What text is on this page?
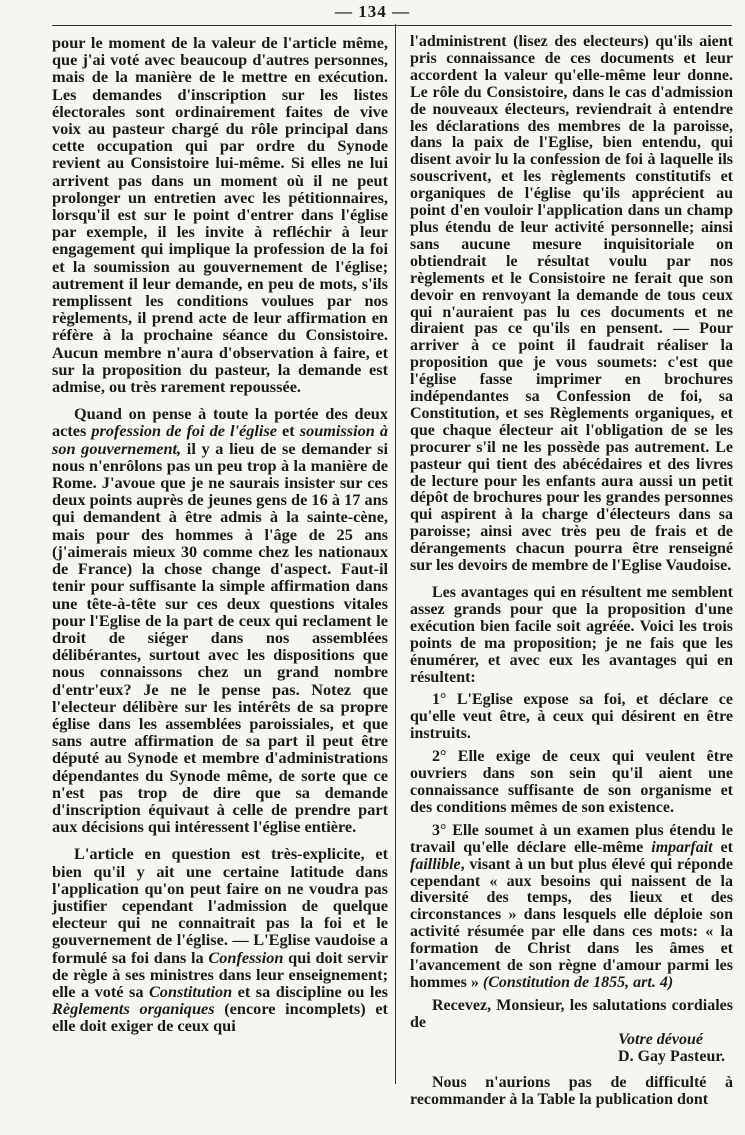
— 134 —

pour le moment de la valeur de l'article même, que j'ai voté avec beaucoup d'autres personnes, mais de la manière de le mettre en exécution. Les demandes d'inscription sur les listes électorales sont ordinairement faites de vive voix au pasteur chargé du rôle principal dans cette occupation qui par ordre du Synode revient au Consistoire lui-même. Si elles ne lui arrivent pas dans un moment où il ne peut prolonger un entretien avec les pétitionnaires, lorsqu'il est sur le point d'entrer dans l'église par exemple, il les invite à refléchir à leur engagement qui implique la profession de la foi et la soumission au gouvernement de l'église; autrement il leur demande, en peu de mots, s'ils remplissent les conditions voulues par nos règlements, il prend acte de leur affirmation en réfère à la prochaine séance du Consistoire. Aucun membre n'aura d'observation à faire, et sur la proposition du pasteur, la demande est admise, ou très rarement repoussée.

Quand on pense à toute la portée des deux actes profession de foi de l'église et soumission à son gouvernement, il y a lieu de se demander si nous n'enrôlons pas un peu trop à la manière de Rome. J'avoue que je ne saurais insister sur ces deux points auprès de jeunes gens de 16 à 17 ans qui demandent à être admis à la sainte-cène, mais pour des hommes à l'âge de 25 ans (j'aimerais mieux 30 comme chez les nationaux de France) la chose change d'aspect. Faut-il tenir pour suffisante la simple affirmation dans une tête-à-tête sur ces deux questions vitales pour l'Eglise de la part de ceux qui reclament le droit de siéger dans nos assemblées délibérantes, surtout avec les dispositions que nous connaissons chez un grand nombre d'entr'eux? Je ne le pense pas. Notez que l'electeur délibère sur les intérêts de sa propre église dans les assemblées paroissiales, et que sans autre affirmation de sa part il peut être député au Synode et membre d'administrations dépendantes du Synode même, de sorte que ce n'est pas trop de dire que sa demande d'inscription équivaut à celle de prendre part aux décisions qui intéressent l'église entière.

L'article en question est très-explicite, et bien qu'il y ait une certaine latitude dans l'application qu'on peut faire on ne voudra pas justifier cependant l'admission de quelque electeur qui ne connaitrait pas la foi et le gouvernement de l'église. — L'Eglise vaudoise a formulé sa foi dans la Confession qui doit servir de règle à ses ministres dans leur enseignement; elle a voté sa Constitution et sa discipline ou les Règlements organiques (encore incomplets) et elle doit exiger de ceux qui

l'administrent (lisez des electeurs) qu'ils aient pris connaissance de ces documents et leur accordent la valeur qu'elle-même leur donne. Le rôle du Consistoire, dans le cas d'admission de nouveaux électeurs, reviendrait à entendre les déclarations des membres de la paroisse, dans la paix de l'Eglise, bien entendu, qui disent avoir lu la confession de foi à laquelle ils souscrivent, et les règlements constitutifs et organiques de l'église qu'ils apprécient au point d'en vouloir l'application dans un champ plus étendu de leur activité personnelle; ainsi sans aucune mesure inquisitoriale on obtiendrait le résultat voulu par nos règlements et le Consistoire ne ferait que son devoir en renvoyant la demande de tous ceux qui n'auraient pas lu ces documents et ne diraient pas ce qu'ils en pensent. — Pour arriver à ce point il faudrait réaliser la proposition que je vous soumets: c'est que l'église fasse imprimer en brochures indépendantes sa Confession de foi, sa Constitution, et ses Règlements organiques, et que chaque électeur ait l'obligation de se les procurer s'il ne les possède pas autrement. Le pasteur qui tient des abécédaires et des livres de lecture pour les enfants aura aussi un petit dépôt de brochures pour les grandes personnes qui aspirent à la charge d'électeurs dans sa paroisse; ainsi avec très peu de frais et de dérangements chacun pourra être renseigné sur les devoirs de membre de l'Eglise Vaudoise.

Les avantages qui en résultent me semblent assez grands pour que la proposition d'une exécution bien facile soit agréée. Voici les trois points de ma proposition; je ne fais que les énumérer, et avec eux les avantages qui en résultent:

1° L'Eglise expose sa foi, et déclare ce qu'elle veut être, à ceux qui désirent en être instruits.

2° Elle exige de ceux qui veulent être ouvriers dans son sein qu'il aient une connaissance suffisante de son organisme et des conditions mêmes de son existence.

3° Elle soumet à un examen plus étendu le travail qu'elle déclare elle-même imparfait et faillible, visant à un but plus élevé qui réponde cependant « aux besoins qui naissent de la diversité des temps, des lieux et des circonstances » dans lesquels elle déploie son activité résumée par elle dans ces mots: « la formation de Christ dans les âmes et l'avancement de son règne d'amour parmi les hommes » (Constitution de 1855, art. 4)

Recevez, Monsieur, les salutations cordiales de

Votre dévoué
D. Gay Pasteur.

Nous n'aurions pas de difficulté à recommander à la Table la publication dont
